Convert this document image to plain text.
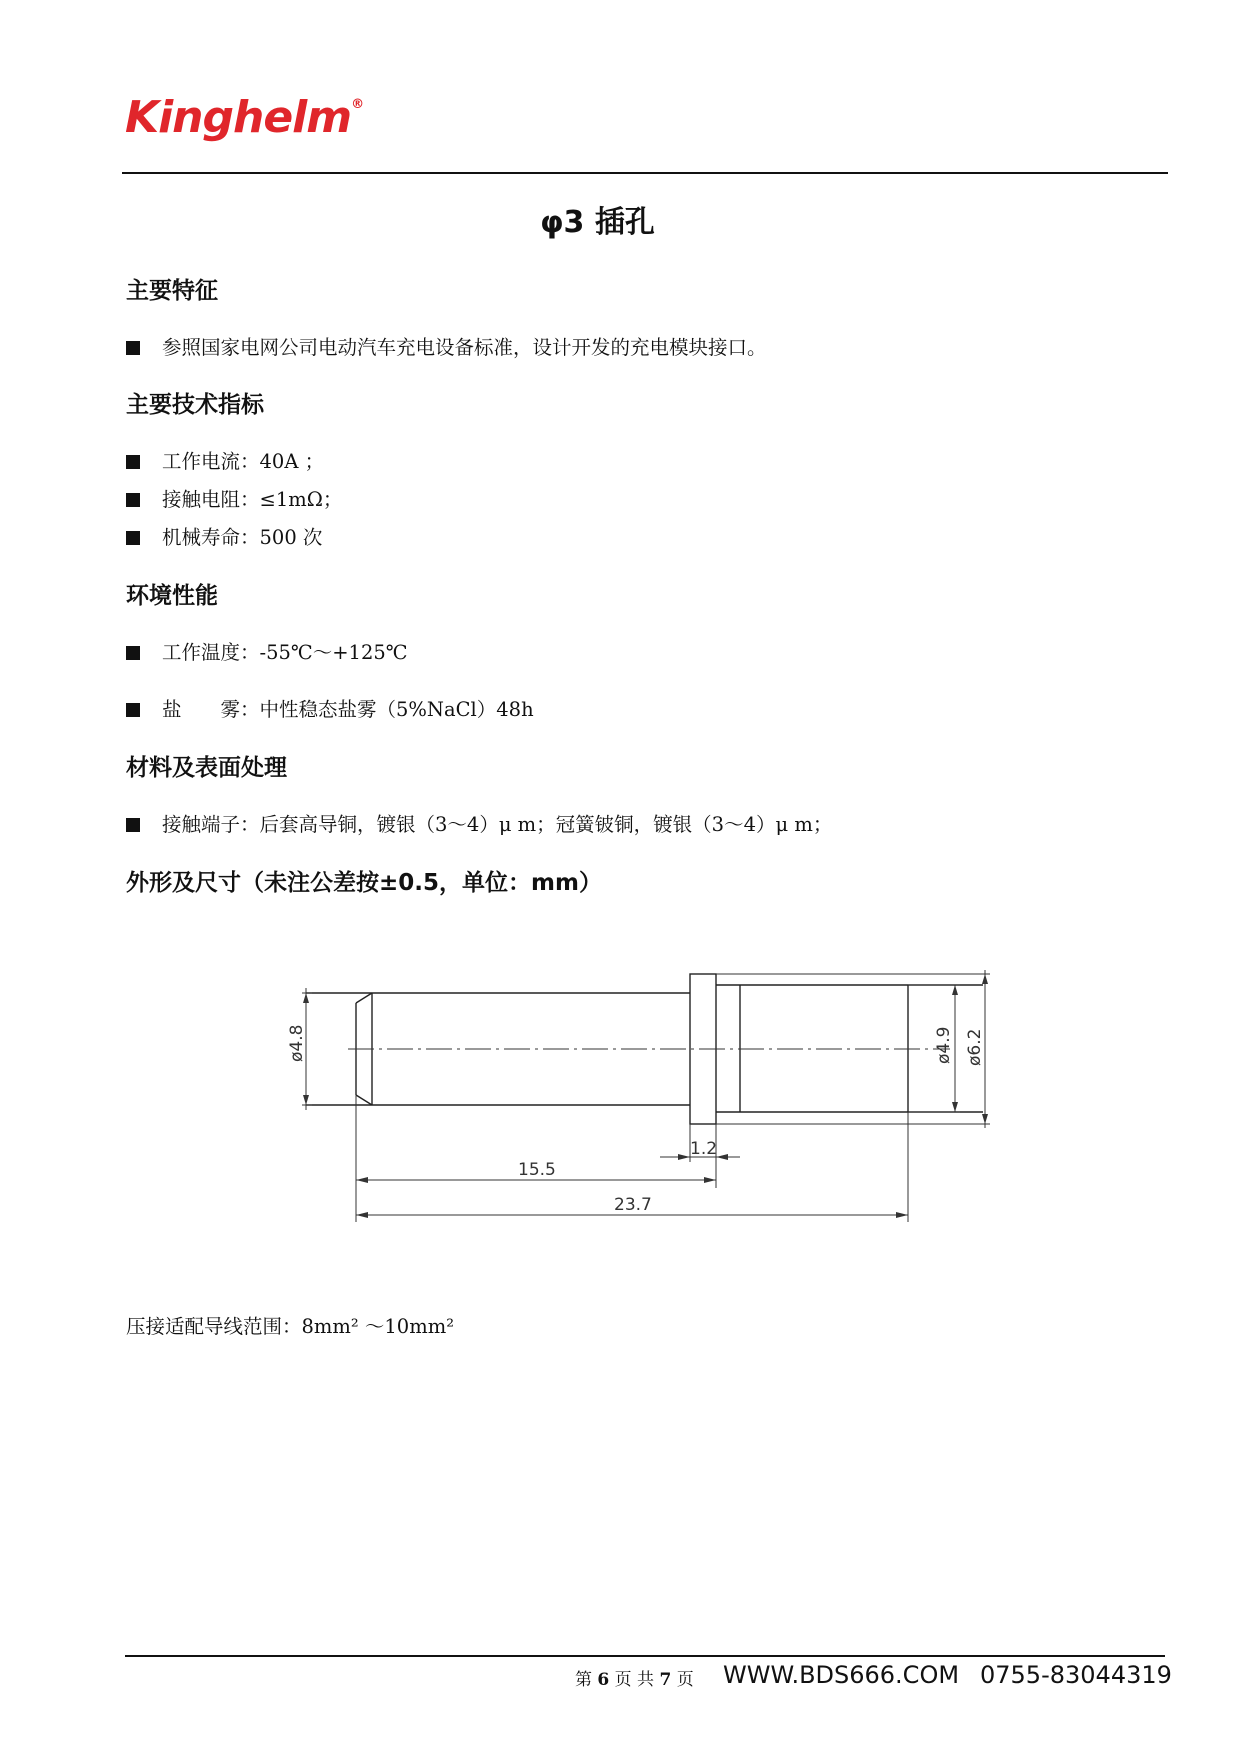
Kinghelm®
φ3 插孔
主要特征
参照国家电网公司电动汽车充电设备标准，设计开发的充电模块接口。
主要技术指标
工作电流：40A ；
接触电阻：≤1mΩ；
机械寿命：500 次
环境性能
工作温度：-55℃～+125℃
盐　　雾：中性稳态盐雾（5%NaCl）48h
材料及表面处理
接触端子：后套高导铜，镀银（3～4）μ m；冠簧铍铜，镀银（3～4）μ m；
外形及尺寸（未注公差按±0.5，单位：mm）
ø4.8	ø4.9 ø6.2
1.2
15.5
23.7
压接适配导线范围：8mm² ～10mm²
第 6 页 共 7 页 WWW.BDS666.COM 0755-83044319
